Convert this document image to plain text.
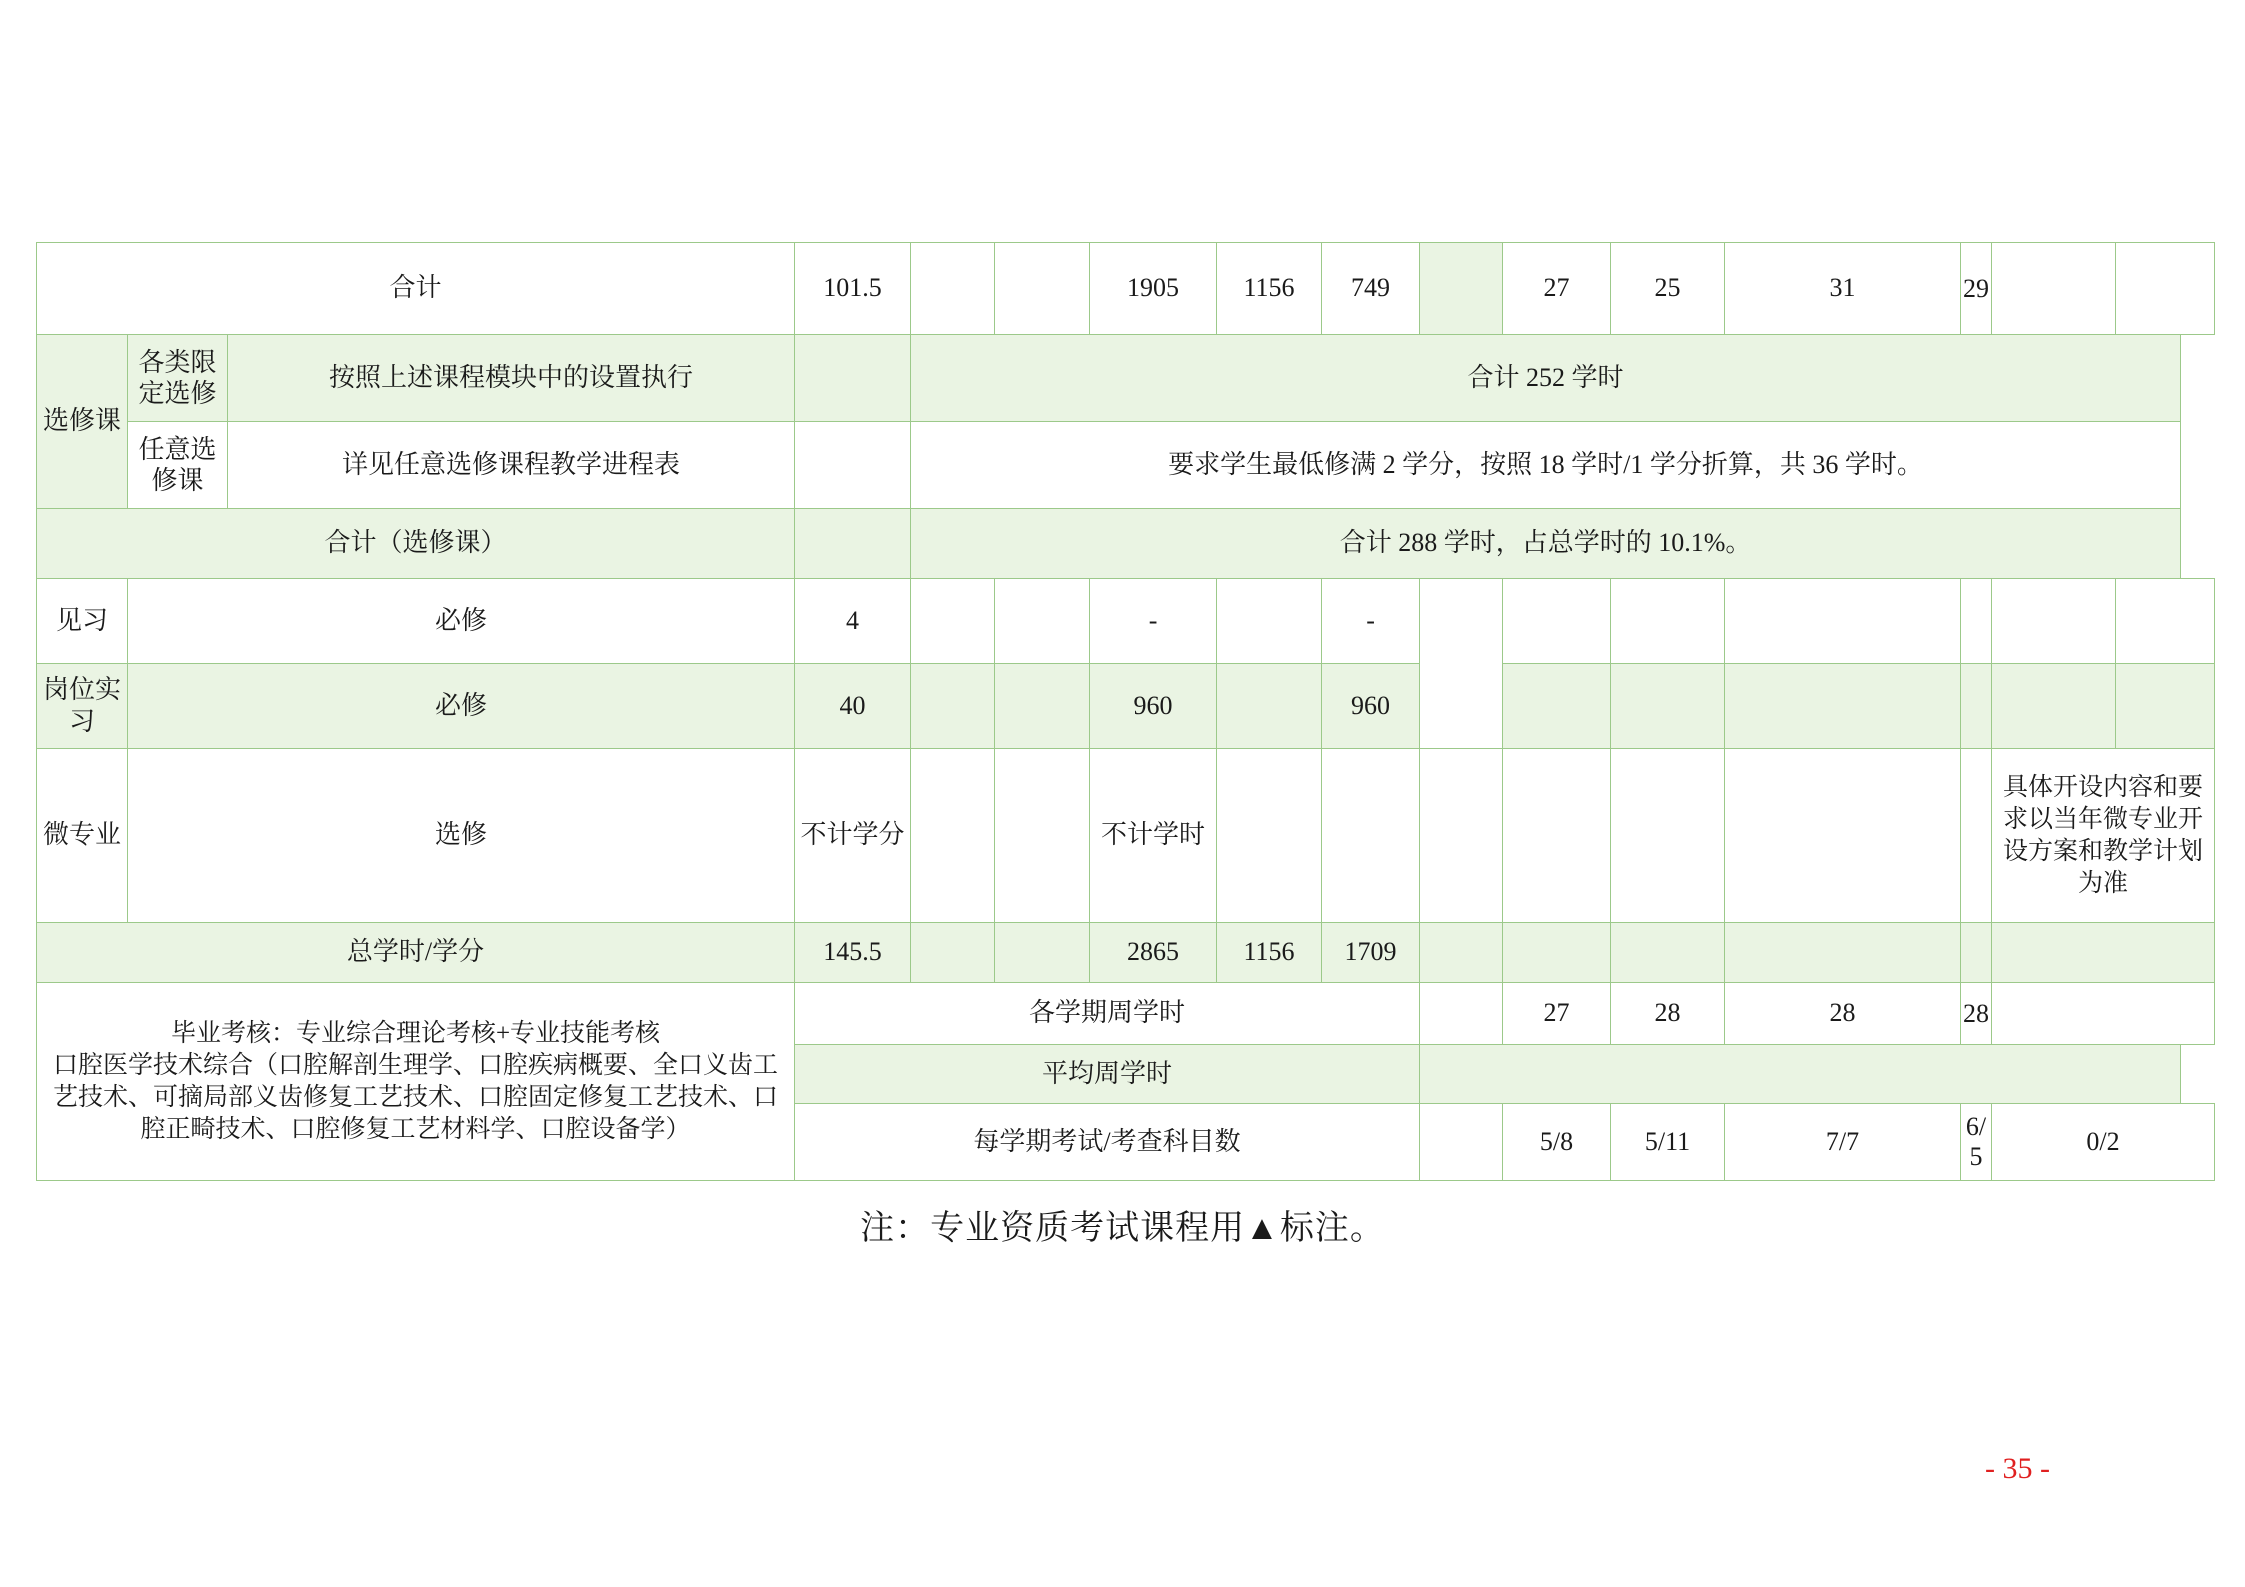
合计			101.5			1905	1156	749		27	25	31	29			
选修课	各类限定选修	按照上述课程模块中的设置执行		合计 252 学时												
	任意选修课	详见任意选修课程教学进程表		要求学生最低修满 2 学分，按照 18 学时/1 学分折算，共 36 学时。												
合计（选修课）				合计 288 学时，占总学时的 10.1%。												
见习	必修		4			-		-								
岗位实习	必修		40			960		960								
微专业	选修		不计学分			不计学时								具体开设内容和要求以当年微专业开设方案和教学计划为准		
总学时/学分			145.5			2865	1156	1709								

毕业考核：专业综合理论考核+专业技能考核
口腔医学技术综合（口腔解剖生理学、口腔疾病概要、全口义齿工艺技术、可摘局部义齿修复工艺技术、口腔固定修复工艺技术、口腔正畸技术、口腔修复工艺材料学、口腔设备学）			各学期周学时							27	28	28	28			
			平均周学时													
			每学期考试/考查科目数							5/8	5/11	7/7	6/5	0/2		
注：专业资质考试课程用▲标注。
- 35 -
